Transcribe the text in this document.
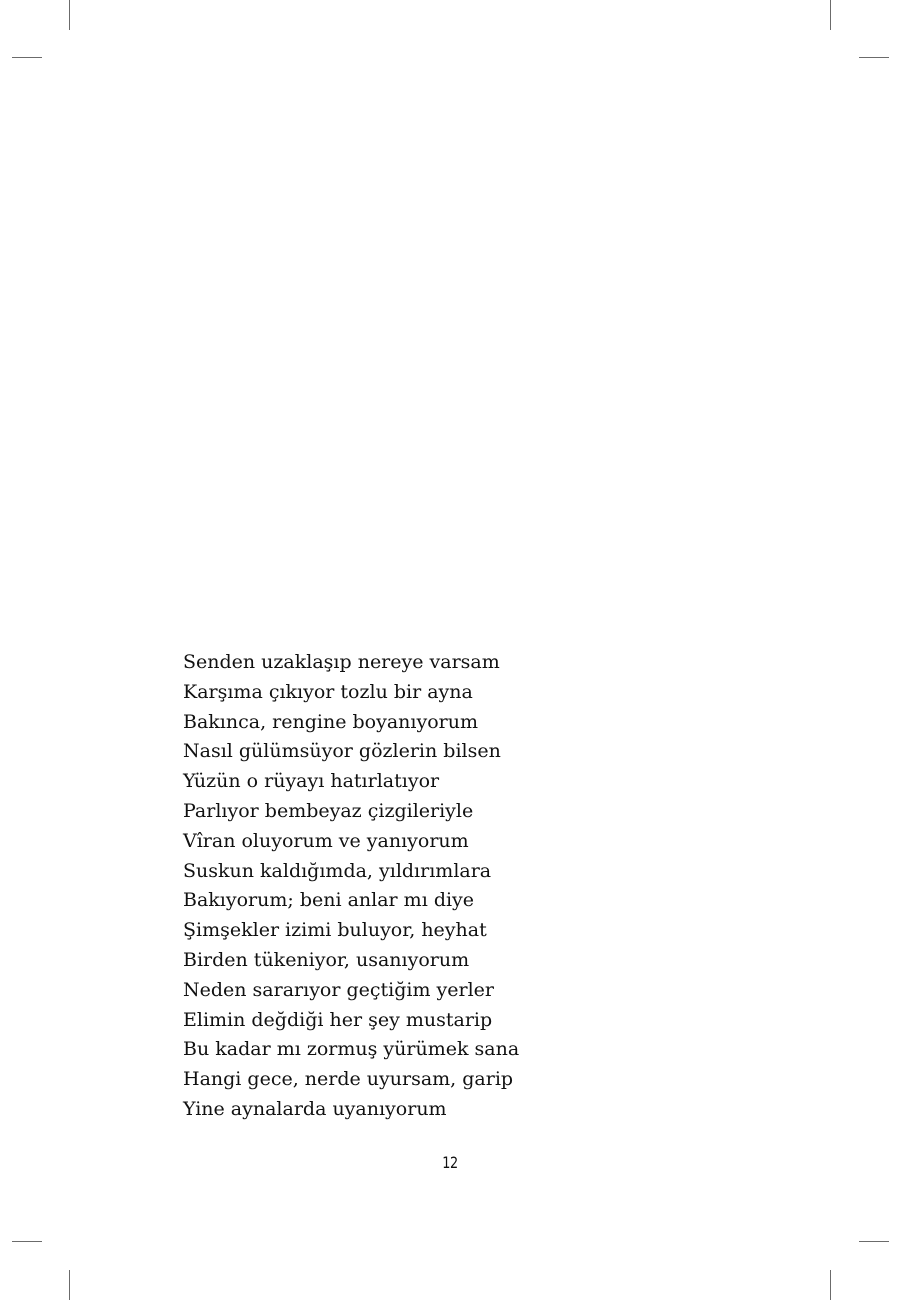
Senden uzaklaşıp nereye varsam
Karşıma çıkıyor tozlu bir ayna
Bakınca, rengine boyanıyorum
Nasıl gülümsüyor gözlerin bilsen
Yüzün o rüyayı hatırlatıyor
Parlıyor bembeyaz çizgileriyle
Vîran oluyorum ve yanıyorum
Suskun kaldığımda, yıldırımlara
Bakıyorum; beni anlar mı diye
Şimşekler izimi buluyor, heyhat
Birden tükeniyor, usanıyorum
Neden sararıyor geçtiğim yerler
Elimin değdiği her şey mustarip
Bu kadar mı zormuş yürümek sana
Hangi gece, nerde uyursam, garip
Yine aynalarda uyanıyorum
12
